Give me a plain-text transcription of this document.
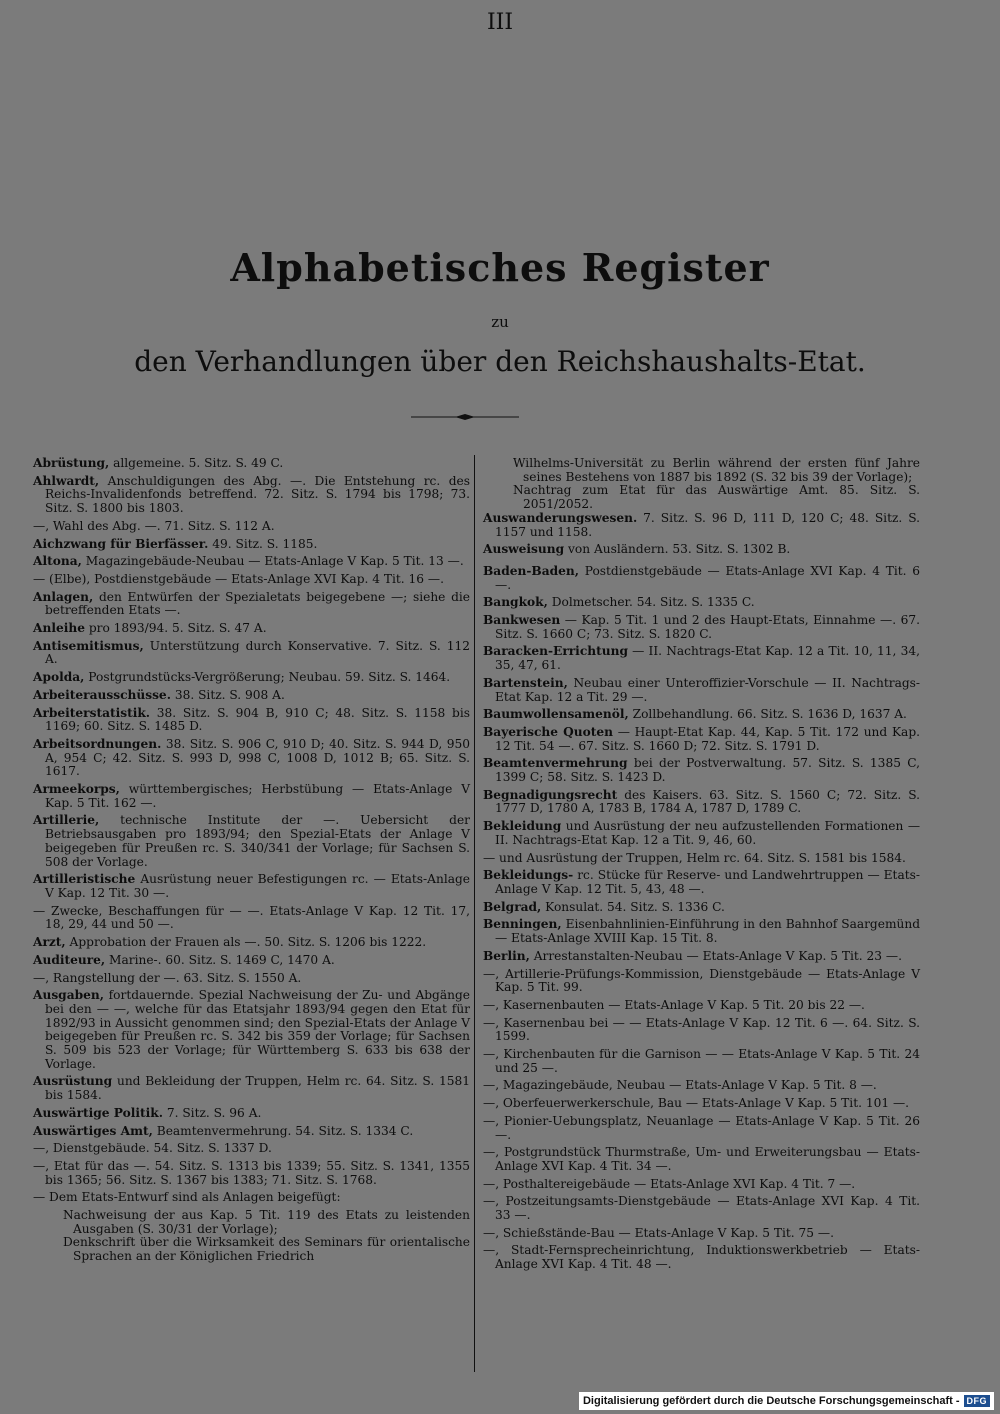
III
Alphabetisches Register
zu
den Verhandlungen über den Reichshaushalts-Etat.

Abrüstung, allgemeine. 5. Sitz. S. 49 C.

Ahlwardt, Anschuldigungen des Abg. —. Die Entstehung rc. des Reichs-Invalidenfonds betreffend. 72. Sitz. S. 1794 bis 1798; 73. Sitz. S. 1800 bis 1803.

—, Wahl des Abg. —. 71. Sitz. S. 112 A.

Aichzwang für Bierfässer. 49. Sitz. S. 1185.

Altona, Magazingebäude-Neubau — Etats-Anlage V Kap. 5 Tit. 13 —.

— (Elbe), Postdienstgebäude — Etats-Anlage XVI Kap. 4 Tit. 16 —.

Anlagen, den Entwürfen der Spezialetats beigegebene —; siehe die betreffenden Etats —.

Anleihe pro 1893/94. 5. Sitz. S. 47 A.

Antisemitismus, Unterstützung durch Konservative. 7. Sitz. S. 112 A.

Apolda, Postgrundstücks-Vergrößerung; Neubau. 59. Sitz. S. 1464.

Arbeiterausschüsse. 38. Sitz. S. 908 A.

Arbeiterstatistik. 38. Sitz. S. 904 B, 910 C; 48. Sitz. S. 1158 bis 1169; 60. Sitz. S. 1485 D.

Arbeitsordnungen. 38. Sitz. S. 906 C, 910 D; 40. Sitz. S. 944 D, 950 A, 954 C; 42. Sitz. S. 993 D, 998 C, 1008 D, 1012 B; 65. Sitz. S. 1617.

Armeekorps, württembergisches; Herbstübung — Etats-Anlage V Kap. 5 Tit. 162 —.

Artillerie, technische Institute der —. Uebersicht der Betriebsausgaben pro 1893/94; den Spezial-Etats der Anlage V beigegeben für Preußen rc. S. 340/341 der Vorlage; für Sachsen S. 508 der Vorlage.

Artilleristische Ausrüstung neuer Befestigungen rc. — Etats-Anlage V Kap. 12 Tit. 30 —.

— Zwecke, Beschaffungen für — —. Etats-Anlage V Kap. 12 Tit. 17, 18, 29, 44 und 50 —.

Arzt, Approbation der Frauen als —. 50. Sitz. S. 1206 bis 1222.

Auditeure, Marine-. 60. Sitz. S. 1469 C, 1470 A.

—, Rangstellung der —. 63. Sitz. S. 1550 A.

Ausgaben, fortdauernde. Spezial Nachweisung der Zu- und Abgänge bei den — —, welche für das Etatsjahr 1893/94 gegen den Etat für 1892/93 in Aussicht genommen sind; den Spezial-Etats der Anlage V beigegeben für Preußen rc. S. 342 bis 359 der Vorlage; für Sachsen S. 509 bis 523 der Vorlage; für Württemberg S. 633 bis 638 der Vorlage.

Ausrüstung und Bekleidung der Truppen, Helm rc. 64. Sitz. S. 1581 bis 1584.

Auswärtige Politik. 7. Sitz. S. 96 A.

Auswärtiges Amt, Beamtenvermehrung. 54. Sitz. S. 1334 C.

—, Dienstgebäude. 54. Sitz. S. 1337 D.

—, Etat für das —. 54. Sitz. S. 1313 bis 1339; 55. Sitz. S. 1341, 1355 bis 1365; 56. Sitz. S. 1367 bis 1383; 71. Sitz. S. 1768.

— Dem Etats-Entwurf sind als Anlagen beigefügt:

Nachweisung der aus Kap. 5 Tit. 119 des Etats zu leistenden Ausgaben (S. 30/31 der Vorlage);

Denkschrift über die Wirksamkeit des Seminars für orientalische Sprachen an der Königlichen Friedrich

Wilhelms-Universität zu Berlin während der ersten fünf Jahre seines Bestehens von 1887 bis 1892 (S. 32 bis 39 der Vorlage);

Nachtrag zum Etat für das Auswärtige Amt. 85. Sitz. S. 2051/2052.

Auswanderungswesen. 7. Sitz. S. 96 D, 111 D, 120 C; 48. Sitz. S. 1157 und 1158.

Ausweisung von Ausländern. 53. Sitz. S. 1302 B.

Baden-Baden, Postdienstgebäude — Etats-Anlage XVI Kap. 4 Tit. 6 —.

Bangkok, Dolmetscher. 54. Sitz. S. 1335 C.

Bankwesen — Kap. 5 Tit. 1 und 2 des Haupt-Etats, Einnahme —. 67. Sitz. S. 1660 C; 73. Sitz. S. 1820 C.

Baracken-Errichtung — II. Nachtrags-Etat Kap. 12 a Tit. 10, 11, 34, 35, 47, 61.

Bartenstein, Neubau einer Unteroffizier-Vorschule — II. Nachtrags-Etat Kap. 12 a Tit. 29 —.

Baumwollensamenöl, Zollbehandlung. 66. Sitz. S. 1636 D, 1637 A.

Bayerische Quoten — Haupt-Etat Kap. 44, Kap. 5 Tit. 172 und Kap. 12 Tit. 54 —. 67. Sitz. S. 1660 D; 72. Sitz. S. 1791 D.

Beamtenvermehrung bei der Postverwaltung. 57. Sitz. S. 1385 C, 1399 C; 58. Sitz. S. 1423 D.

Begnadigungsrecht des Kaisers. 63. Sitz. S. 1560 C; 72. Sitz. S. 1777 D, 1780 A, 1783 B, 1784 A, 1787 D, 1789 C.

Bekleidung und Ausrüstung der neu aufzustellenden Formationen — II. Nachtrags-Etat Kap. 12 a Tit. 9, 46, 60.

— und Ausrüstung der Truppen, Helm rc. 64. Sitz. S. 1581 bis 1584.

Bekleidungs- rc. Stücke für Reserve- und Landwehrtruppen — Etats-Anlage V Kap. 12 Tit. 5, 43, 48 —.

Belgrad, Konsulat. 54. Sitz. S. 1336 C.

Benningen, Eisenbahnlinien-Einführung in den Bahnhof Saargemünd — Etats-Anlage XVIII Kap. 15 Tit. 8.

Berlin, Arrestanstalten-Neubau — Etats-Anlage V Kap. 5 Tit. 23 —.

—, Artillerie-Prüfungs-Kommission, Dienstgebäude — Etats-Anlage V Kap. 5 Tit. 99.

—, Kasernenbauten — Etats-Anlage V Kap. 5 Tit. 20 bis 22 —.

—, Kasernenbau bei — — Etats-Anlage V Kap. 12 Tit. 6 —. 64. Sitz. S. 1599.

—, Kirchenbauten für die Garnison — — Etats-Anlage V Kap. 5 Tit. 24 und 25 —.

—, Magazingebäude, Neubau — Etats-Anlage V Kap. 5 Tit. 8 —.

—, Oberfeuerwerkerschule, Bau — Etats-Anlage V Kap. 5 Tit. 101 —.

—, Pionier-Uebungsplatz, Neuanlage — Etats-Anlage V Kap. 5 Tit. 26 —.

—, Postgrundstück Thurmstraße, Um- und Erweiterungsbau — Etats-Anlage XVI Kap. 4 Tit. 34 —.

—, Posthaltereigebäude — Etats-Anlage XVI Kap. 4 Tit. 7 —.

—, Postzeitungsamts-Dienstgebäude — Etats-Anlage XVI Kap. 4 Tit. 33 —.

—, Schießstände-Bau — Etats-Anlage V Kap. 5 Tit. 75 —.

—, Stadt-Fernsprecheinrichtung, Induktionswerkbetrieb — Etats-Anlage XVI Kap. 4 Tit. 48 —.

Digitalisierung gefördert durch die Deutsche Forschungsgemeinschaft - DFG
